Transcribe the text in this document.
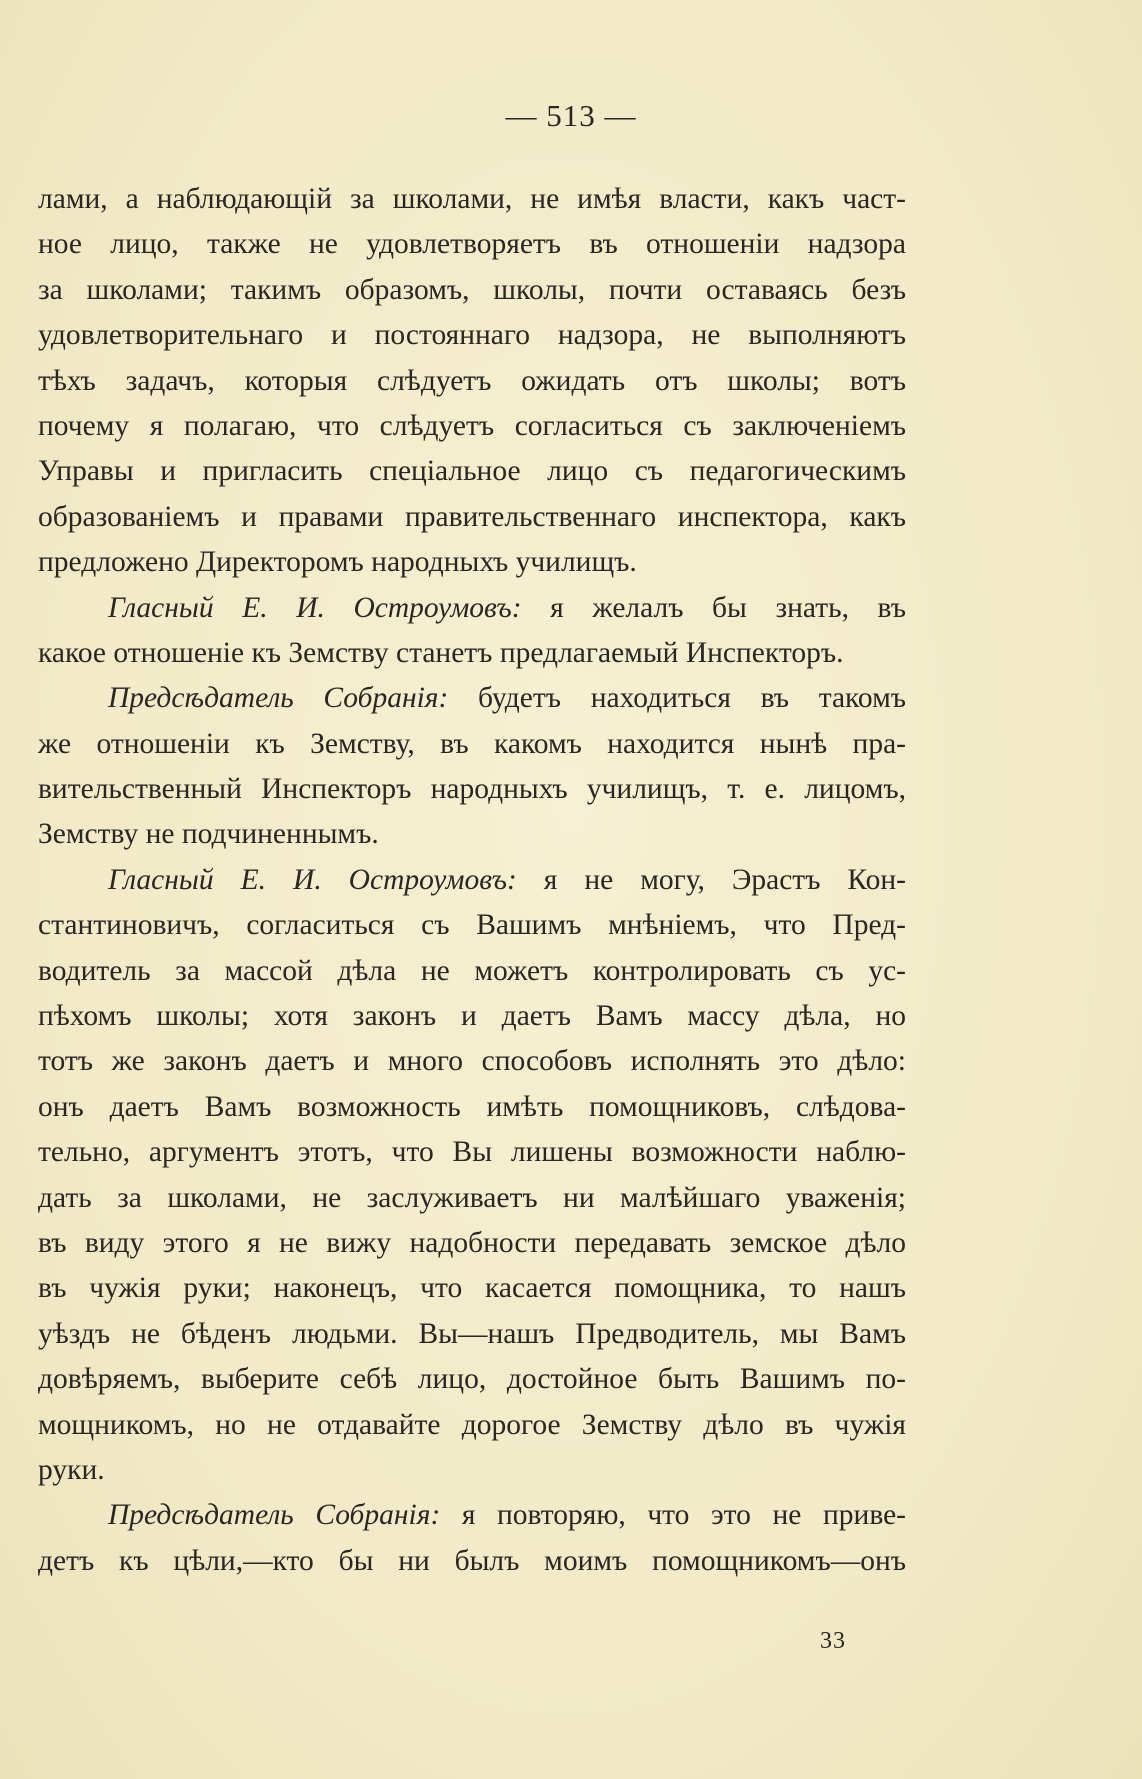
— 513 —
лами, а наблюдающій за школами, не имѣя власти, какъ част-
ное лицо, также не удовлетворяетъ въ отношеніи надзора
за школами; такимъ образомъ, школы, почти оставаясь безъ
удовлетворительнаго и постояннаго надзора, не выполняютъ
тѣхъ задачъ, которыя слѣдуетъ ожидать отъ школы; вотъ
почему я полагаю, что слѣдуетъ согласиться съ заключеніемъ
Управы и пригласить спеціальное лицо съ педагогическимъ
образованіемъ и правами правительственнаго инспектора, какъ
предложено Директоромъ народныхъ училищъ.
Гласный Е. И. Остроумовъ: я желалъ бы знать, въ
какое отношеніе къ Земству станетъ предлагаемый Инспекторъ.
Предсѣдатель Собранія: будетъ находиться въ такомъ
же отношеніи къ Земству, въ какомъ находится нынѣ пра-
вительственный Инспекторъ народныхъ училищъ, т. е. лицомъ,
Земству не подчиненнымъ.
Гласный Е. И. Остроумовъ: я не могу, Эрастъ Кон-
стантиновичъ, согласиться съ Вашимъ мнѣніемъ, что Пред-
водитель за массой дѣла не можетъ контролировать съ ус-
пѣхомъ школы; хотя законъ и даетъ Вамъ массу дѣла, но
тотъ же законъ даетъ и много способовъ исполнять это дѣло:
онъ даетъ Вамъ возможность имѣть помощниковъ, слѣдова-
тельно, аргументъ этотъ, что Вы лишены возможности наблю-
дать за школами, не заслуживаетъ ни малѣйшаго уваженія;
въ виду этого я не вижу надобности передавать земское дѣло
въ чужія руки; наконецъ, что касается помощника, то нашъ
уѣздъ не бѣденъ людьми. Вы—нашъ Предводитель, мы Вамъ
довѣряемъ, выберите себѣ лицо, достойное быть Вашимъ по-
мощникомъ, но не отдавайте дорогое Земству дѣло въ чужія
руки.
Предсѣдатель Собранія: я повторяю, что это не приве-
детъ къ цѣли,—кто бы ни былъ моимъ помощникомъ—онъ
33
